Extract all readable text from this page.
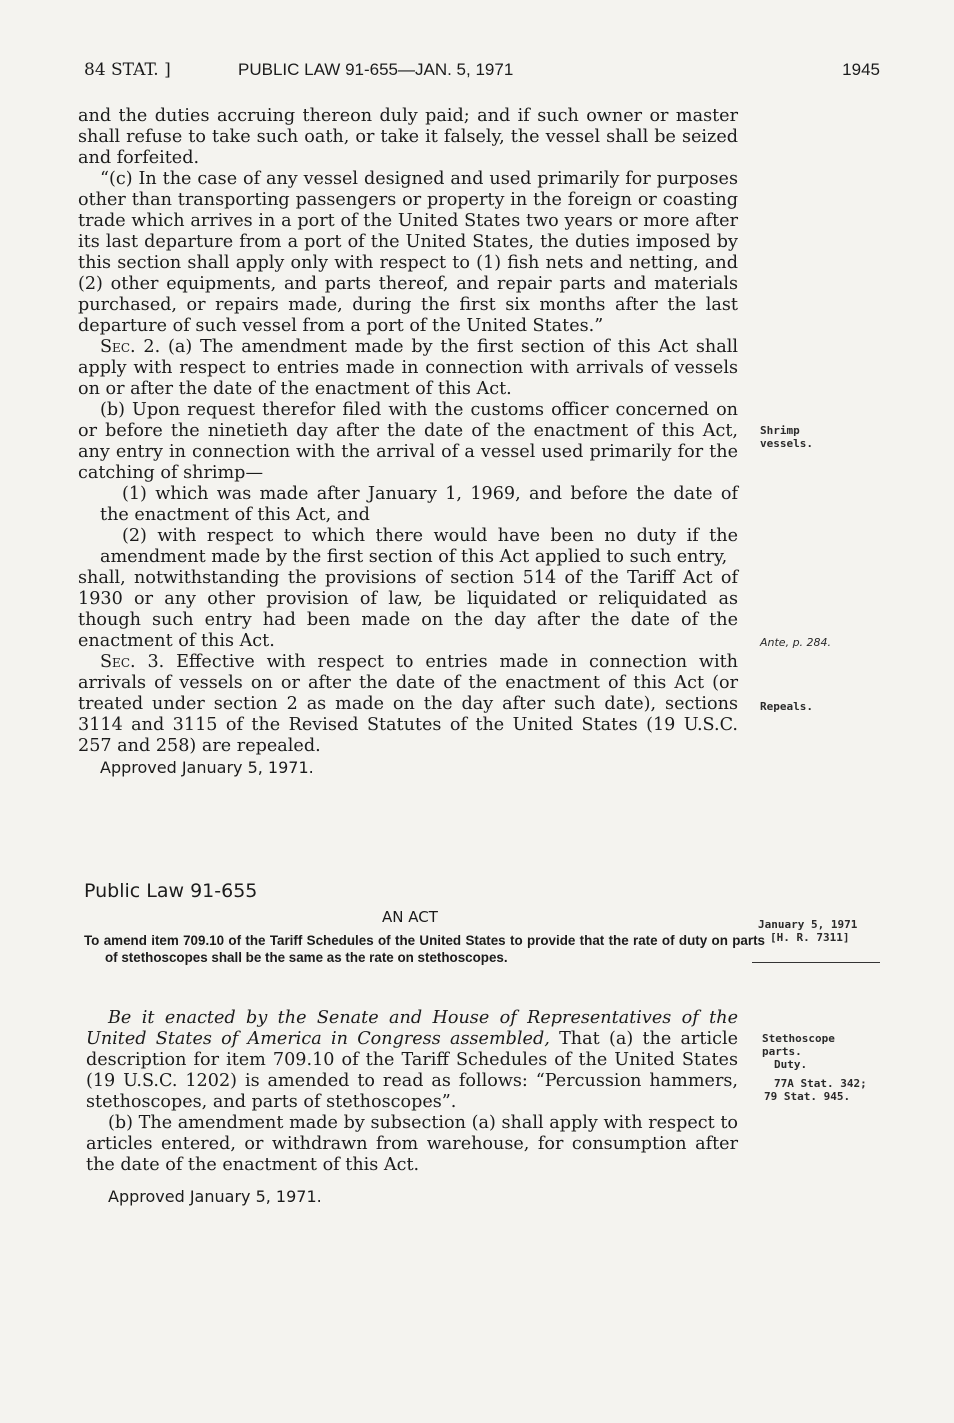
84 STAT. ]	PUBLIC LAW 91-655—JAN. 5, 1971	1945

and the duties accruing thereon duly paid; and if such owner or master shall refuse to take such oath, or take it falsely, the vessel shall be seized and forfeited.

“(c) In the case of any vessel designed and used primarily for purposes other than transporting passengers or property in the foreign or coasting trade which arrives in a port of the United States two years or more after its last departure from a port of the United States, the duties imposed by this section shall apply only with respect to (1) fish nets and netting, and (2) other equipments, and parts thereof, and repair parts and materials purchased, or repairs made, during the first six months after the last departure of such vessel from a port of the United States.”

Sec. 2. (a) The amendment made by the first section of this Act shall apply with respect to entries made in connection with arrivals of vessels on or after the date of the enactment of this Act.

(b) Upon request therefor filed with the customs officer concerned on or before the ninetieth day after the date of the enactment of this Act, any entry in connection with the arrival of a vessel used primarily for the catching of shrimp—

(1) which was made after January 1, 1969, and before the date of the enactment of this Act, and

(2) with respect to which there would have been no duty if the amendment made by the first section of this Act applied to such entry,

shall, notwithstanding the provisions of section 514 of the Tariff Act of 1930 or any other provision of law, be liquidated or reliquidated as though such entry had been made on the day after the date of the enactment of this Act.

Sec. 3. Effective with respect to entries made in connection with arrivals of vessels on or after the date of the enactment of this Act (or treated under section 2 as made on the day after such date), sections 3114 and 3115 of the Revised Statutes of the United States (19 U.S.C. 257 and 258) are repealed.

Approved January 5, 1971.

Public Law 91-655
AN ACT
To amend item 709.10 of the Tariff Schedules of the United States to provide that the rate of duty on parts of stethoscopes shall be the same as the rate on stethoscopes.

Be it enacted by the Senate and House of Representatives of the United States of America in Congress assembled, That (a) the article description for item 709.10 of the Tariff Schedules of the United States (19 U.S.C. 1202) is amended to read as follows: “Percussion hammers, stethoscopes, and parts of stethoscopes”.

(b) The amendment made by subsection (a) shall apply with respect to articles entered, or withdrawn from warehouse, for consumption after the date of the enactment of this Act.

Approved January 5, 1971.

Shrimp
vessels.
Ante, p. 284.
Repeals.
January 5, 1971
[H. R. 7311]
Stethoscope
parts.
Duty.
77A Stat. 342;
79 Stat. 945.
